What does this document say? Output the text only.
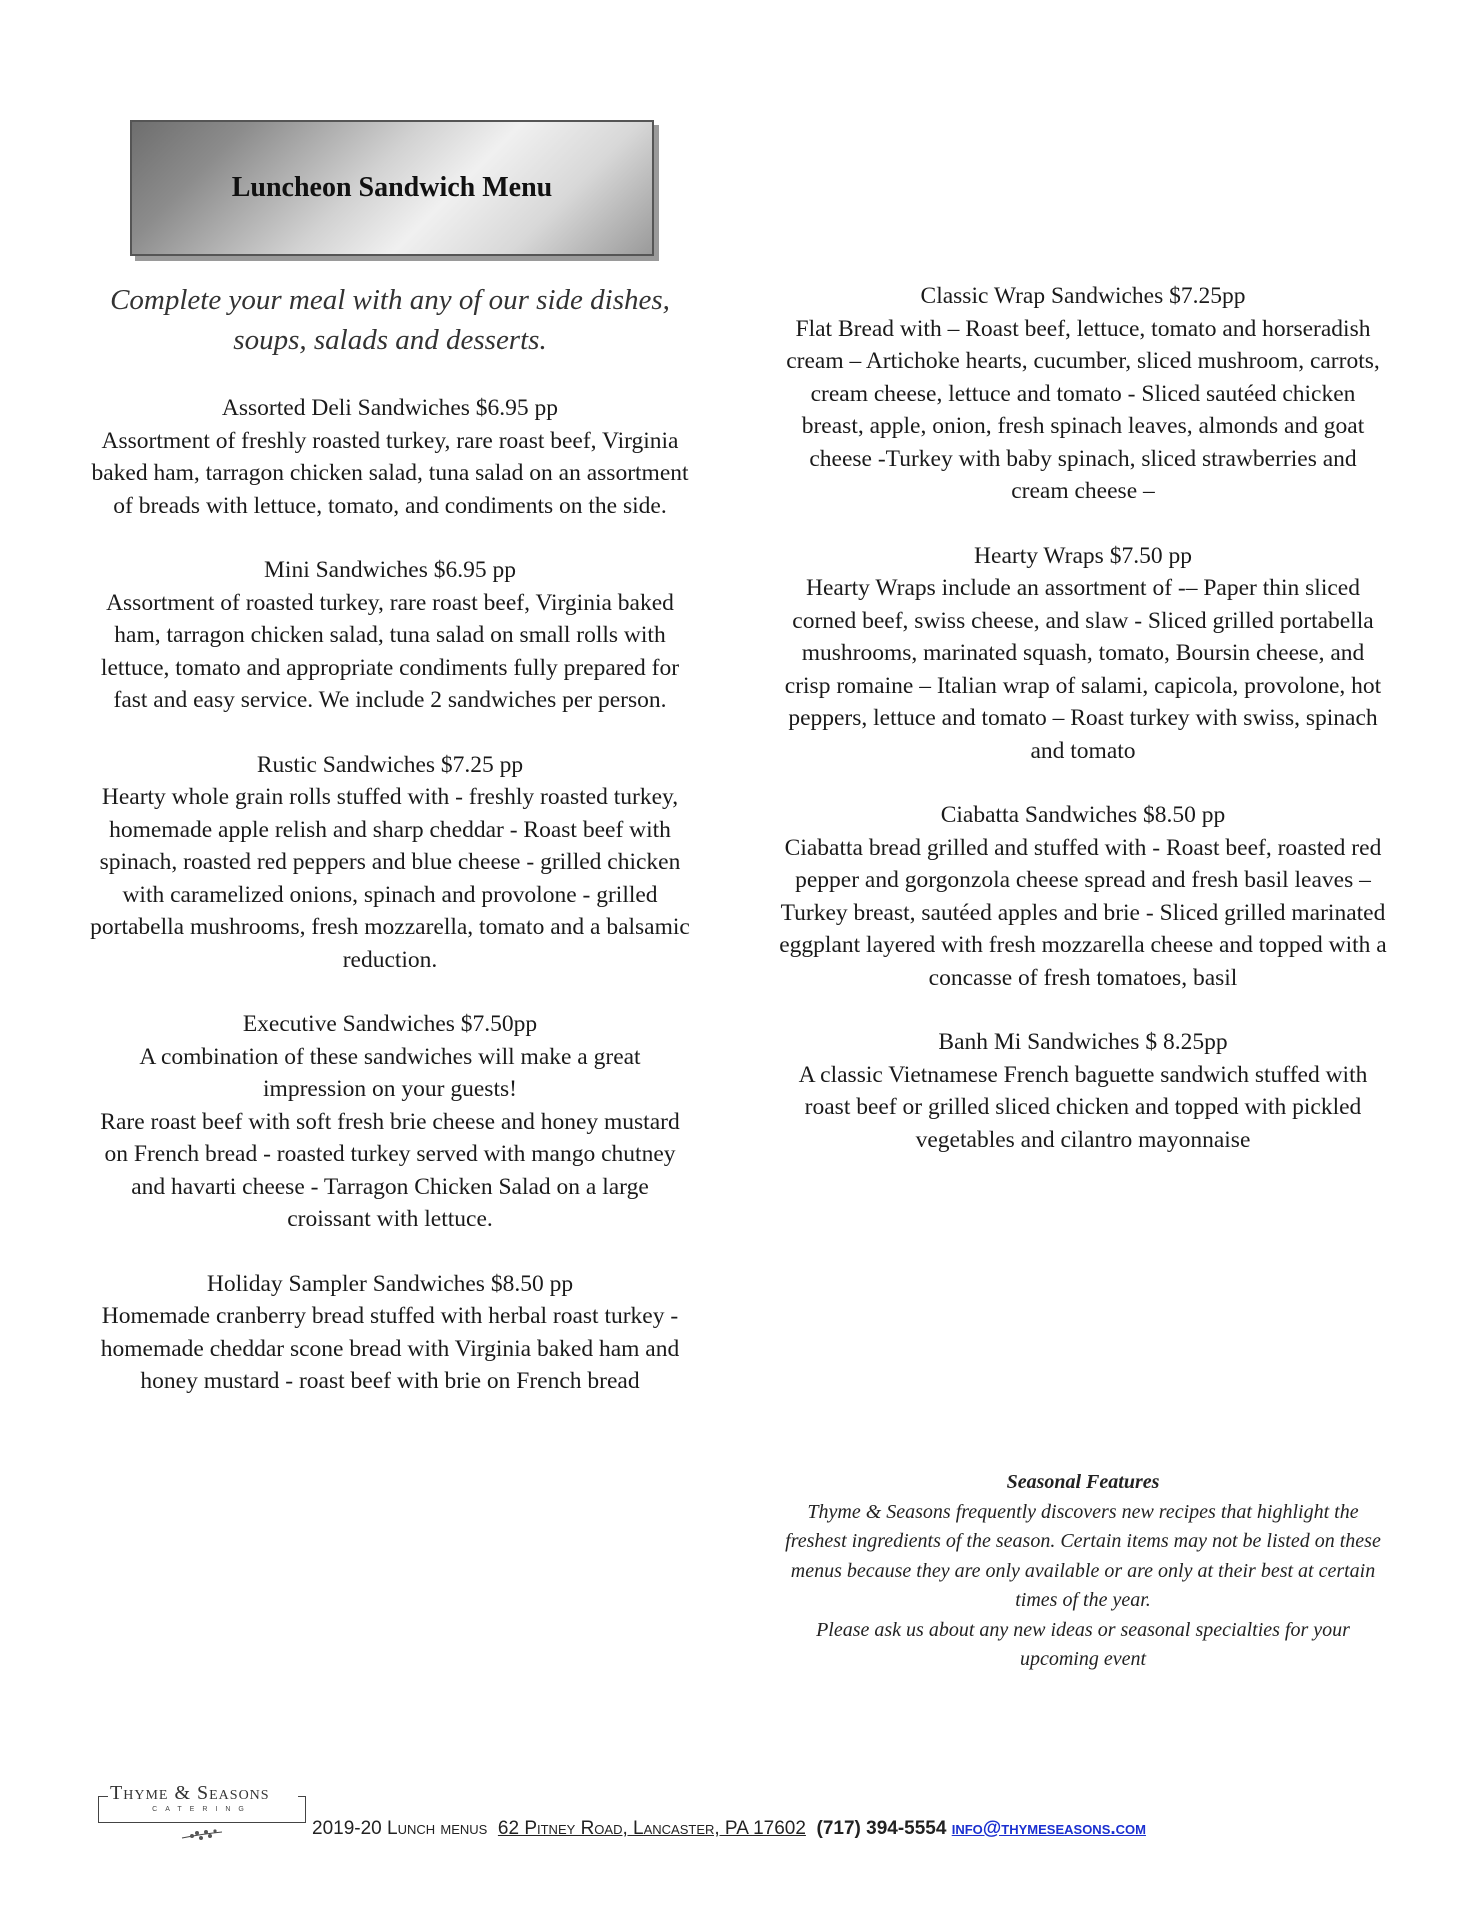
Luncheon Sandwich Menu

Complete your meal with any of our side dishes, soups, salads and desserts.

Assorted Deli Sandwiches $6.95 pp

Assortment of freshly roasted turkey, rare roast beef, Virginia baked ham, tarragon chicken salad, tuna salad on an assortment of breads with lettuce, tomato, and condiments on the side.

Mini Sandwiches $6.95 pp

Assortment of roasted turkey, rare roast beef, Virginia baked ham, tarragon chicken salad, tuna salad on small rolls with lettuce, tomato and appropriate condiments fully prepared for fast and easy service. We include 2 sandwiches per person.

Rustic Sandwiches $7.25 pp

Hearty whole grain rolls stuffed with - freshly roasted turkey, homemade apple relish and sharp cheddar - Roast beef with spinach, roasted red peppers and blue cheese - grilled chicken with caramelized onions, spinach and provolone - grilled portabella mushrooms, fresh mozzarella, tomato and a balsamic reduction.

Executive Sandwiches $7.50pp

A combination of these sandwiches will make a great impression on your guests!

Rare roast beef with soft fresh brie cheese and honey mustard on French bread - roasted turkey served with mango chutney and havarti cheese - Tarragon Chicken Salad on a large croissant with lettuce.

Holiday Sampler Sandwiches $8.50 pp

Homemade cranberry bread stuffed with herbal roast turkey - homemade cheddar scone bread with Virginia baked ham and honey mustard - roast beef with brie on French bread

Classic Wrap Sandwiches $7.25pp

Flat Bread with – Roast beef, lettuce, tomato and horseradish cream – Artichoke hearts, cucumber, sliced mushroom, carrots, cream cheese, lettuce and tomato - Sliced sautéed chicken breast, apple, onion, fresh spinach leaves, almonds and goat cheese -Turkey with baby spinach, sliced strawberries and cream cheese –

Hearty Wraps $7.50 pp

Hearty Wraps include an assortment of -– Paper thin sliced corned beef, swiss cheese, and slaw - Sliced grilled portabella mushrooms, marinated squash, tomato, Boursin cheese, and crisp romaine – Italian wrap of salami, capicola, provolone, hot peppers, lettuce and tomato – Roast turkey with swiss, spinach and tomato

Ciabatta Sandwiches $8.50 pp

Ciabatta bread grilled and stuffed with - Roast beef, roasted red pepper and gorgonzola cheese spread and fresh basil leaves – Turkey breast, sautéed apples and brie - Sliced grilled marinated eggplant layered with fresh mozzarella cheese and topped with a concasse of fresh tomatoes, basil

Banh Mi Sandwiches $ 8.25pp

A classic Vietnamese French baguette sandwich stuffed with roast beef or grilled sliced chicken and topped with pickled vegetables and cilantro mayonnaise

Seasonal Features

Thyme & Seasons frequently discovers new recipes that highlight the freshest ingredients of the season. Certain items may not be listed on these menus because they are only available or are only at their best at certain times of the year.

Please ask us about any new ideas or seasonal specialties for your upcoming event

Thyme & Seasons
CATERING
2019-20 Lunch menus 62 Pitney Road, Lancaster, PA 17602 (717) 394-5554 info@thymeseasons.com
